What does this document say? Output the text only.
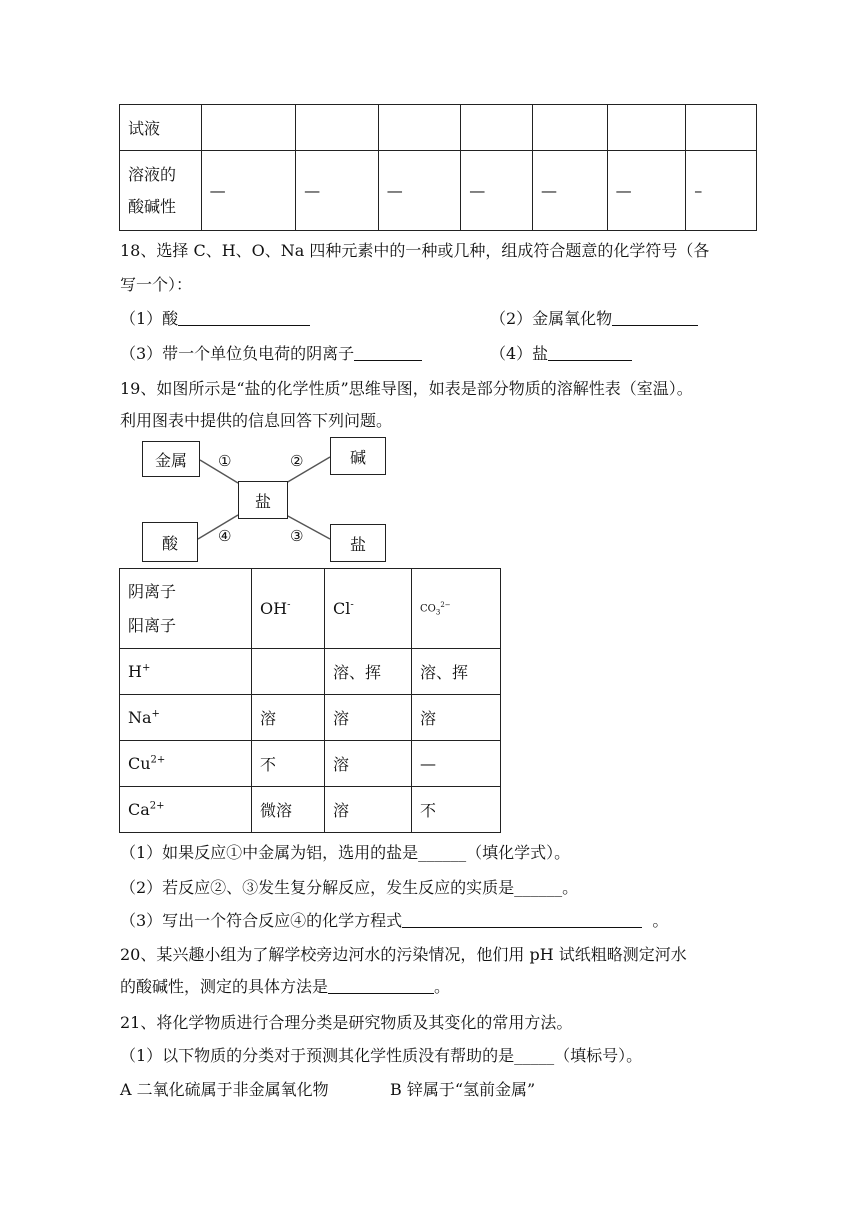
试液							

溶液的
酸碱性	—	—	—	—	—	—	–
18、选择 C、H、O、Na 四种元素中的一种或几种，组成符合题意的化学符号（各
写一个）：
（1）酸	（2）金属氧化物
（3）带一个单位负电荷的阴离子	（4）盐
19、如图所示是“盐的化学性质”思维导图，如表是部分物质的溶解性表（室温）。
利用图表中提供的信息回答下列问题。
金属	碱
盐
酸	盐
①	②
④	③
阴离子
阳离子	OH-	Cl-	$CO_3^{2-}$
H+		溶、挥	溶、挥
Na+	溶	溶	溶
$Cu^{2+}$	不	溶	—
$Ca^{2+}$	微溶	溶	不
（1）如果反应①中金属为铝，选用的盐是______（填化学式）。
（2）若反应②、③发生复分解反应，发生反应的实质是______。
（3）写出一个符合反应④的化学方程式	。
20、某兴趣小组为了解学校旁边河水的污染情况，他们用 pH 试纸粗略测定河水
的酸碱性，测定的具体方法是	。
21、将化学物质进行合理分类是研究物质及其变化的常用方法。
（1）以下物质的分类对于预测其化学性质没有帮助的是_____（填标号）。
A 二氧化硫属于非金属氧化物	B 锌属于“氢前金属”
